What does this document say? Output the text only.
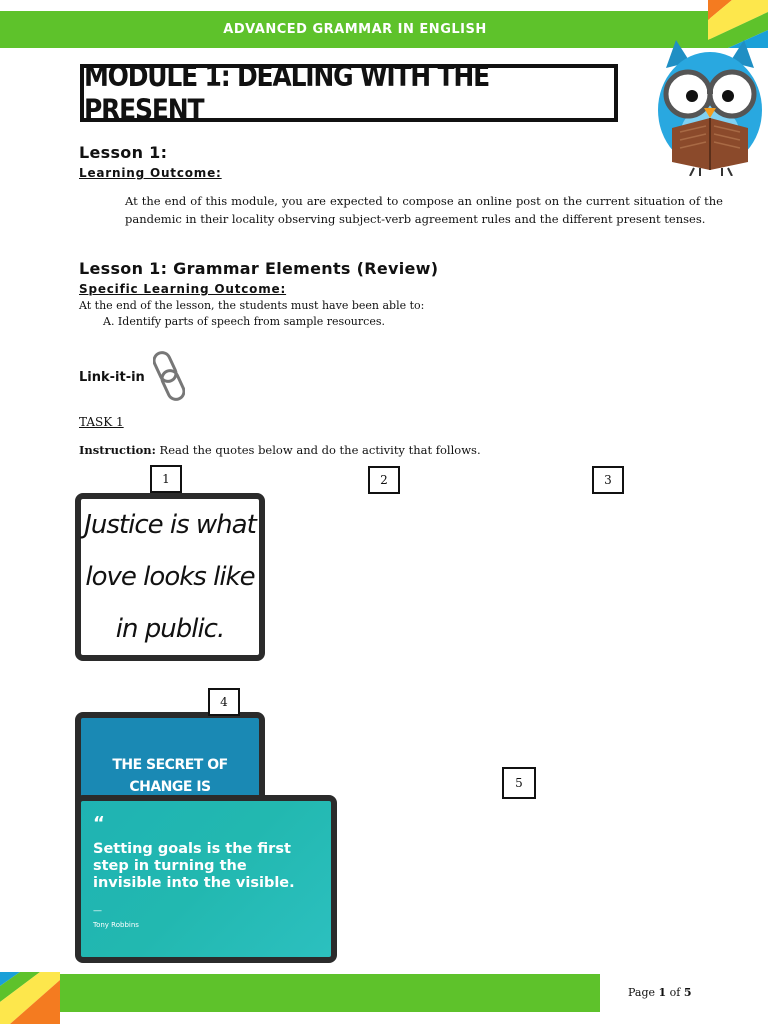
ADVANCED GRAMMAR IN ENGLISH
MODULE 1: DEALING WITH THE PRESENT
Lesson 1:
Learning Outcome:
At the end of this module, you are expected to compose an online post on the current situation of the pandemic in their locality observing subject-verb agreement rules and the different present tenses.
Lesson 1: Grammar Elements (Review)
Specific Learning Outcome:
At the end of the lesson, the students must have been able to:
A. Identify parts of speech from sample resources.
Link-it-in
TASK 1
Instruction: Read the quotes below and do the activity that follows.
Justice is what
love looks like
in public.
THE SECRET OF CHANGE IS
“
Setting goals is the first step in turning the invisible into the visible.
—
Tony Robbins
1	2	3
4
5
Page 1 of 5
